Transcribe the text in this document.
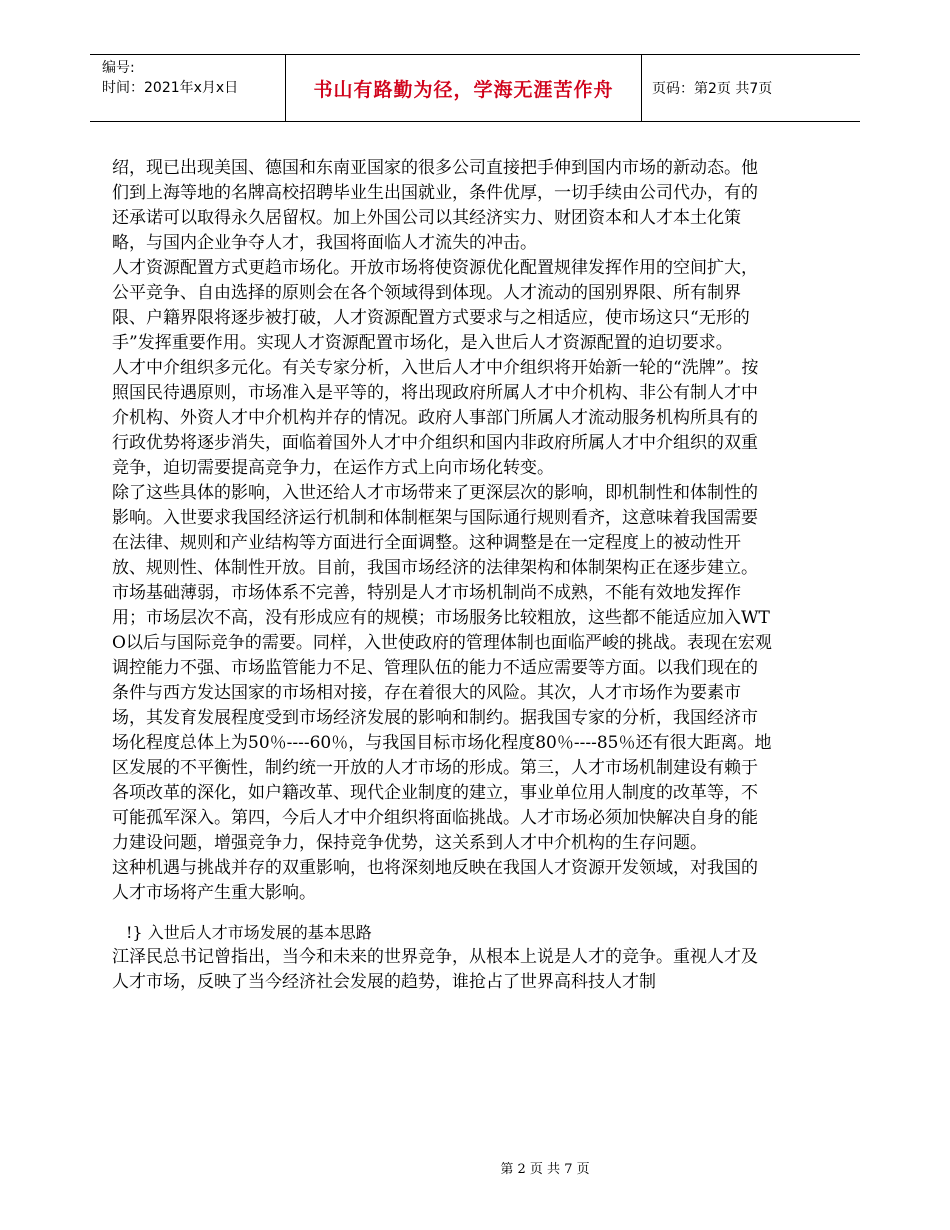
编号:
时间：2021年x月x日	书山有路勤为径，学海无涯苦作舟	页码：第2页 共7页

绍，现已出现美国、德国和东南亚国家的很多公司直接把手伸到国内市场的新动态。他们到上海等地的名牌高校招聘毕业生出国就业，条件优厚，一切手续由公司代办，有的还承诺可以取得永久居留权。加上外国公司以其经济实力、财团资本和人才本土化策略，与国内企业争夺人才，我国将面临人才流失的冲击。

人才资源配置方式更趋市场化。开放市场将使资源优化配置规律发挥作用的空间扩大，公平竞争、自由选择的原则会在各个领域得到体现。人才流动的国别界限、所有制界限、户籍界限将逐步被打破，人才资源配置方式要求与之相适应，使市场这只“无形的手”发挥重要作用。实现人才资源配置市场化，是入世后人才资源配置的迫切要求。

人才中介组织多元化。有关专家分析，入世后人才中介组织将开始新一轮的“洗牌”。按照国民待遇原则，市场准入是平等的，将出现政府所属人才中介机构、非公有制人才中介机构、外资人才中介机构并存的情况。政府人事部门所属人才流动服务机构所具有的行政优势将逐步消失，面临着国外人才中介组织和国内非政府所属人才中介组织的双重竞争，迫切需要提高竞争力，在运作方式上向市场化转变。

除了这些具体的影响，入世还给人才市场带来了更深层次的影响，即机制性和体制性的影响。入世要求我国经济运行机制和体制框架与国际通行规则看齐，这意味着我国需要在法律、规则和产业结构等方面进行全面调整。这种调整是在一定程度上的被动性开放、规则性、体制性开放。目前，我国市场经济的法律架构和体制架构正在逐步建立。市场基础薄弱，市场体系不完善，特别是人才市场机制尚不成熟，不能有效地发挥作用；市场层次不高，没有形成应有的规模；市场服务比较粗放，这些都不能适应加入WTO以后与国际竞争的需要。同样，入世使政府的管理体制也面临严峻的挑战。表现在宏观调控能力不强、市场监管能力不足、管理队伍的能力不适应需要等方面。以我们现在的条件与西方发达国家的市场相对接，存在着很大的风险。其次，人才市场作为要素市场，其发育发展程度受到市场经济发展的影响和制约。据我国专家的分析，我国经济市场化程度总体上为50％----60％，与我国目标市场化程度80％----85％还有很大距离。地区发展的不平衡性，制约统一开放的人才市场的形成。第三，人才市场机制建设有赖于各项改革的深化，如户籍改革、现代企业制度的建立，事业单位用人制度的改革等，不可能孤军深入。第四，今后人才中介组织将面临挑战。人才市场必须加快解决自身的能力建设问题，增强竞争力，保持竞争优势，这关系到人才中介机构的生存问题。

这种机遇与挑战并存的双重影响，也将深刻地反映在我国人才资源开发领域，对我国的人才市场将产生重大影响。

!} 入世后人才市场发展的基本思路

江泽民总书记曾指出，当今和未来的世界竞争，从根本上说是人才的竞争。重视人才及人才市场，反映了当今经济社会发展的趋势，谁抢占了世界高科技人才制

第 2 页 共 7 页
